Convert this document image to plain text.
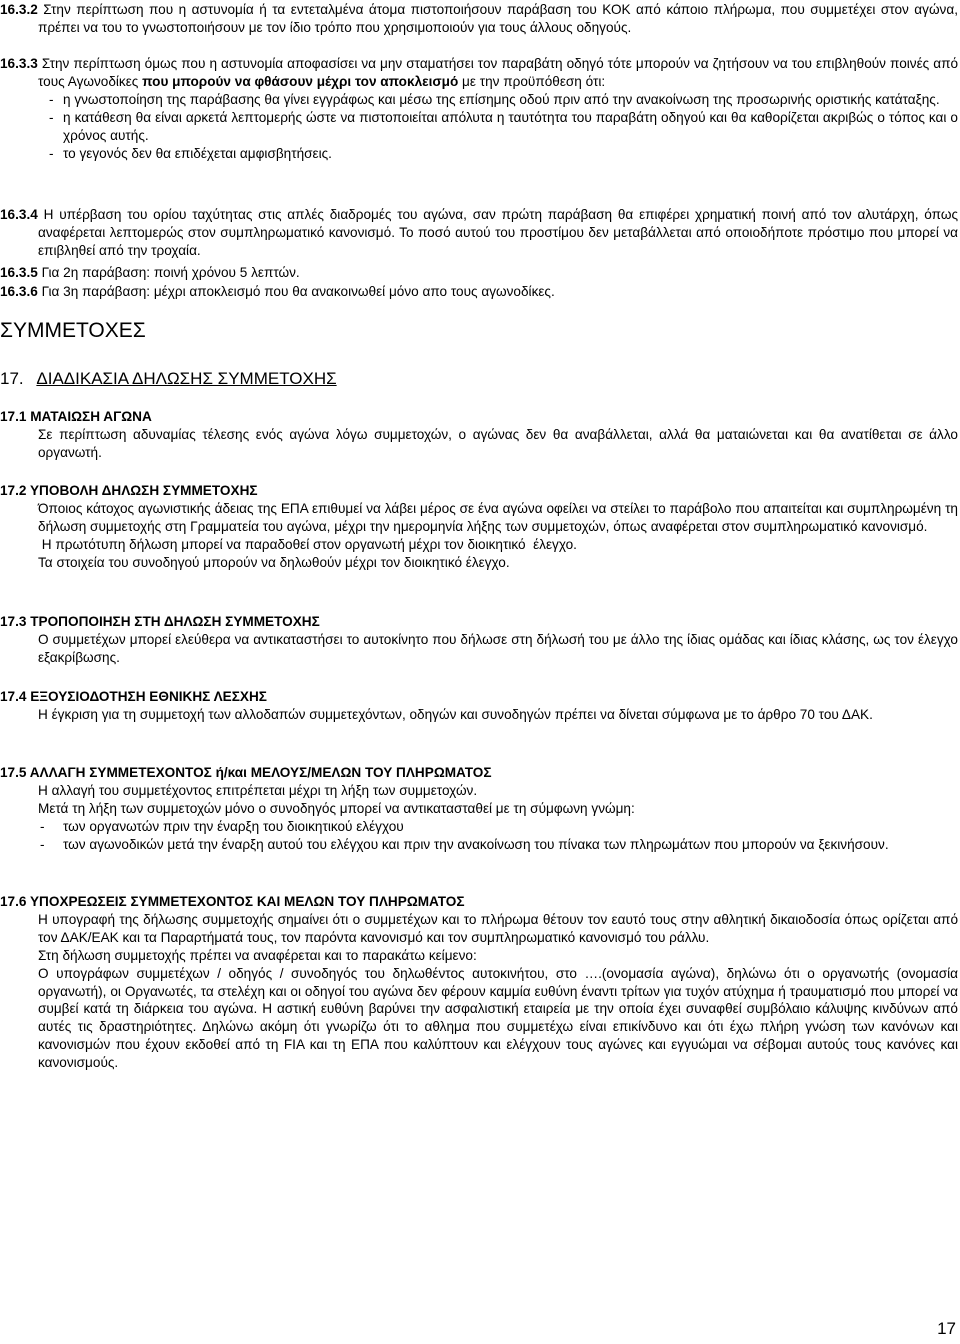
16.3.2 Στην περίπτωση που η αστυνομία ή τα εντεταλμένα άτομα πιστοποιήσουν παράβαση του ΚΟΚ από κάποιο πλήρωμα, που συμμετέχει στον αγώνα, πρέπει να του το γνωστοποιήσουν με τον ίδιο τρόπο που χρησιμοποιούν για τους άλλους οδηγούς.
16.3.3 Στην περίπτωση όμως που η αστυνομία αποφασίσει να μην σταματήσει τον παραβάτη οδηγό τότε μπορούν να ζητήσουν να του επιβληθούν ποινές από τους Αγωνοδίκες που μπορούν να φθάσουν μέχρι τον αποκλεισμό με την προϋπόθεση ότι:
- η γνωστοποίηση της παράβασης θα γίνει εγγράφως και μέσω της επίσημης οδού πριν από την ανακοίνωση της προσωρινής οριστικής κατάταξης.
- η κατάθεση θα είναι αρκετά λεπτομερής ώστε να πιστοποιείται απόλυτα η ταυτότητα του παραβάτη οδηγού και θα καθορίζεται ακριβώς ο τόπος και ο χρόνος αυτής.
- το γεγονός δεν θα επιδέχεται αμφισβητήσεις.
16.3.4 Η υπέρβαση του ορίου ταχύτητας στις απλές διαδρομές του αγώνα, σαν πρώτη παράβαση θα επιφέρει χρηματική ποινή από τον αλυτάρχη, όπως αναφέρεται λεπτομερώς στον συμπληρωματικό κανονισμό. Το ποσό αυτού του προστίμου δεν μεταβάλλεται από οποιοδήποτε πρόστιμο που μπορεί να επιβληθεί από την τροχαία.
16.3.5 Για 2η παράβαση: ποινή χρόνου 5 λεπτών.
16.3.6 Για 3η παράβαση: μέχρι αποκλεισμό που θα ανακοινωθεί μόνο απο τους αγωνοδίκες.
ΣΥΜΜΕΤΟΧΕΣ
17. ΔΙΑΔΙΚΑΣΙΑ ΔΗΛΩΣΗΣ ΣΥΜΜΕΤΟΧΗΣ
17.1 ΜΑΤΑΙΩΣΗ ΑΓΩΝΑ
Σε περίπτωση αδυναμίας τέλεσης ενός αγώνα λόγω συμμετοχών, ο αγώνας δεν θα αναβάλλεται, αλλά θα ματαιώνεται και θα ανατίθεται σε άλλο οργανωτή.
17.2 ΥΠΟΒΟΛΗ ΔΗΛΩΣΗ ΣΥΜΜΕΤΟΧΗΣ
Όποιος κάτοχος αγωνιστικής άδειας της ΕΠΑ επιθυμεί να λάβει μέρος σε ένα αγώνα οφείλει να στείλει το παράβολο που απαιτείται και συμπληρωμένη τη δήλωση συμμετοχής στη Γραμματεία του αγώνα, μέχρι την ημερομηνία λήξης των συμμετοχών, όπως αναφέρεται στον συμπληρωματικό κανονισμό.
Η πρωτότυπη δήλωση μπορεί να παραδοθεί στον οργανωτή μέχρι τον διοικητικό  έλεγχο.
Τα στοιχεία του συνοδηγού μπορούν να δηλωθούν μέχρι τον διοικητικό έλεγχο.
17.3 ΤΡΟΠΟΠΟΙΗΣΗ ΣΤΗ ΔΗΛΩΣΗ ΣΥΜΜΕΤΟΧΗΣ
Ο συμμετέχων μπορεί ελεύθερα να αντικαταστήσει το αυτοκίνητο που δήλωσε στη δήλωσή του με άλλο της ίδιας ομάδας και ίδιας κλάσης, ως τον έλεγχο εξακρίβωσης.
17.4 ΕΞΟΥΣΙΟΔΟΤΗΣΗ ΕΘΝΙΚΗΣ ΛΕΣΧΗΣ
Η έγκριση για τη συμμετοχή των αλλοδαπών συμμετεχόντων, οδηγών και συνοδηγών πρέπει να δίνεται σύμφωνα με το άρθρο 70 του ΔΑΚ.
17.5 ΑΛΛΑΓΗ ΣΥΜΜΕΤΕΧΟΝΤΟΣ ή/και ΜΕΛΟΥΣ/ΜΕΛΩΝ ΤΟΥ ΠΛΗΡΩΜΑΤΟΣ
Η αλλαγή του συμμετέχοντος επιτρέπεται μέχρι τη λήξη των συμμετοχών.
Μετά τη λήξη των συμμετοχών μόνο ο συνοδηγός μπορεί να αντικατασταθεί με τη σύμφωνη γνώμη:
- των οργανωτών πριν την έναρξη του διοικητικού ελέγχου
- των αγωνοδικών μετά την έναρξη αυτού του ελέγχου και πριν την ανακοίνωση του πίνακα των πληρωμάτων που μπορούν να ξεκινήσουν.
17.6 ΥΠΟΧΡΕΩΣΕΙΣ ΣΥΜΜΕΤΕΧΟΝΤΟΣ ΚΑΙ ΜΕΛΩΝ ΤΟΥ ΠΛΗΡΩΜΑΤΟΣ
Η υπογραφή της δήλωσης συμμετοχής σημαίνει ότι ο συμμετέχων και το πλήρωμα θέτουν τον εαυτό τους στην αθλητική δικαιοδοσία όπως ορίζεται από τον ΔΑΚ/ΕΑΚ και τα Παραρτήματά τους, τον παρόντα κανονισμό και τον συμπληρωματικό κανονισμό του ράλλυ.
Στη δήλωση συμμετοχής πρέπει να αναφέρεται και το παρακάτω κείμενο:
Ο υπογράφων συμμετέχων / οδηγός / συνοδηγός του δηλωθέντος αυτοκινήτου, στο ….(ονομασία αγώνα), δηλώνω ότι ο οργανωτής (ονομασία οργανωτή), οι Οργανωτές, τα στελέχη και οι οδηγοί του αγώνα δεν φέρουν καμμία ευθύνη έναντι τρίτων για τυχόν ατύχημα ή τραυματισμό που μπορεί να συμβεί κατά τη διάρκεια του αγώνα. Η αστική ευθύνη βαρύνει την ασφαλιστική εταιρεία με την οποία έχει συναφθεί συμβόλαιο κάλυψης κινδύνων από αυτές τις δραστηριότητες. Δηλώνω ακόμη ότι γνωρίζω ότι το αθλημα που συμμετέχω είναι επικίνδυνο και ότι έχω πλήρη γνώση των κανόνων και κανονισμών που έχουν εκδοθεί από τη FIA και τη ΕΠΑ που καλύπτουν και ελέγχουν τους αγώνες και εγγυώμαι να σέβομαι αυτούς τους κανόνες και κανονισμούς.
17
